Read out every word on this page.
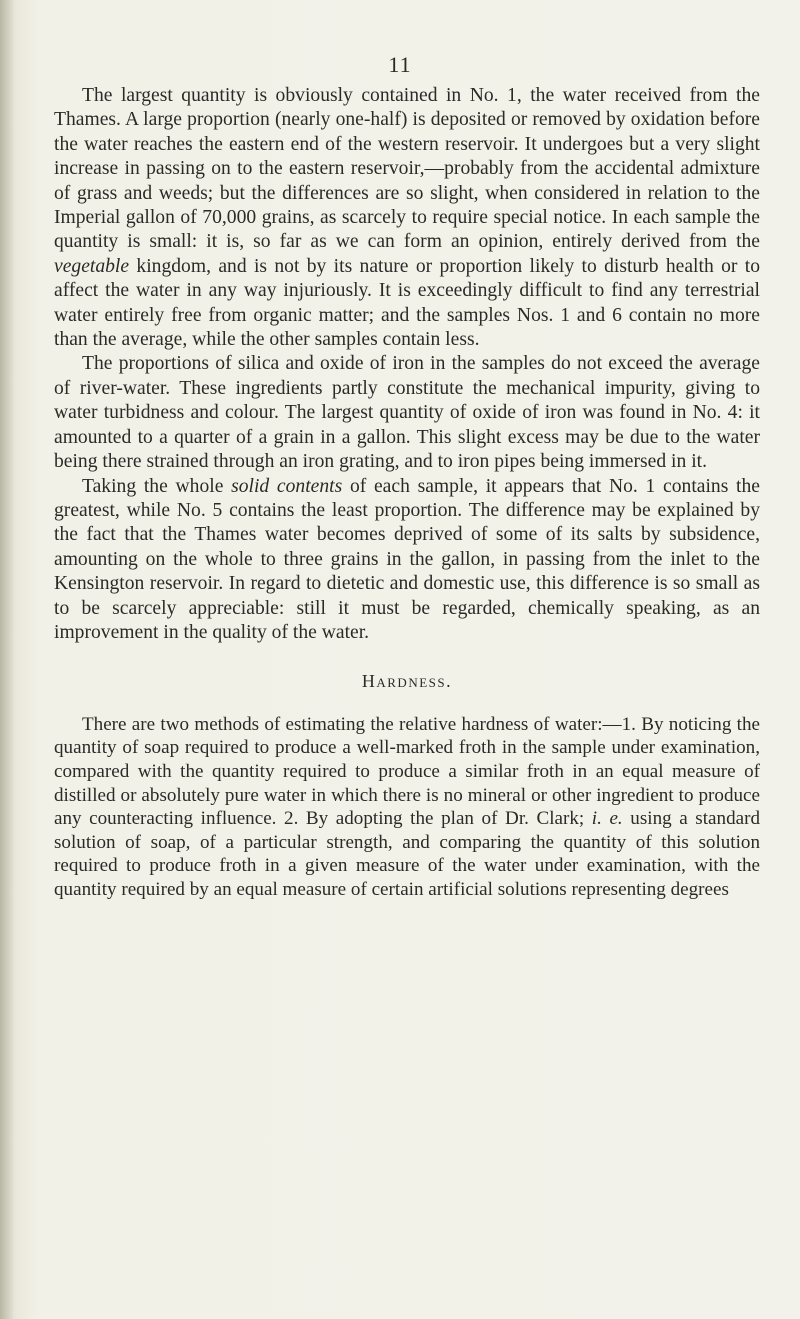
11

The largest quantity is obviously contained in No. 1, the water received from the Thames. A large proportion (nearly one-half) is deposited or removed by oxidation before the water reaches the eastern end of the western reservoir. It undergoes but a very slight increase in passing on to the eastern reservoir,—probably from the accidental admixture of grass and weeds; but the differences are so slight, when considered in relation to the Imperial gallon of 70,000 grains, as scarcely to require special notice. In each sample the quantity is small: it is, so far as we can form an opinion, entirely derived from the vegetable kingdom, and is not by its nature or proportion likely to disturb health or to affect the water in any way injuriously. It is exceedingly difficult to find any terrestrial water entirely free from organic matter; and the samples Nos. 1 and 6 contain no more than the average, while the other samples contain less.

The proportions of silica and oxide of iron in the samples do not exceed the average of river-water. These ingredients partly constitute the mechanical impurity, giving to water turbidness and colour. The largest quantity of oxide of iron was found in No. 4: it amounted to a quarter of a grain in a gallon. This slight excess may be due to the water being there strained through an iron grating, and to iron pipes being immersed in it.

Taking the whole solid contents of each sample, it appears that No. 1 contains the greatest, while No. 5 contains the least proportion. The difference may be explained by the fact that the Thames water becomes deprived of some of its salts by subsidence, amounting on the whole to three grains in the gallon, in passing from the inlet to the Kensington reservoir. In regard to dietetic and domestic use, this difference is so small as to be scarcely appreciable: still it must be regarded, chemically speaking, as an improvement in the quality of the water.

Hardness.

There are two methods of estimating the relative hardness of water:—1. By noticing the quantity of soap required to produce a well-marked froth in the sample under examination, compared with the quantity required to produce a similar froth in an equal measure of distilled or absolutely pure water in which there is no mineral or other ingredient to produce any counteracting influence. 2. By adopting the plan of Dr. Clark; i. e. using a standard solution of soap, of a particular strength, and comparing the quantity of this solution required to produce froth in a given measure of the water under examination, with the quantity required by an equal measure of certain artificial solutions representing degrees
